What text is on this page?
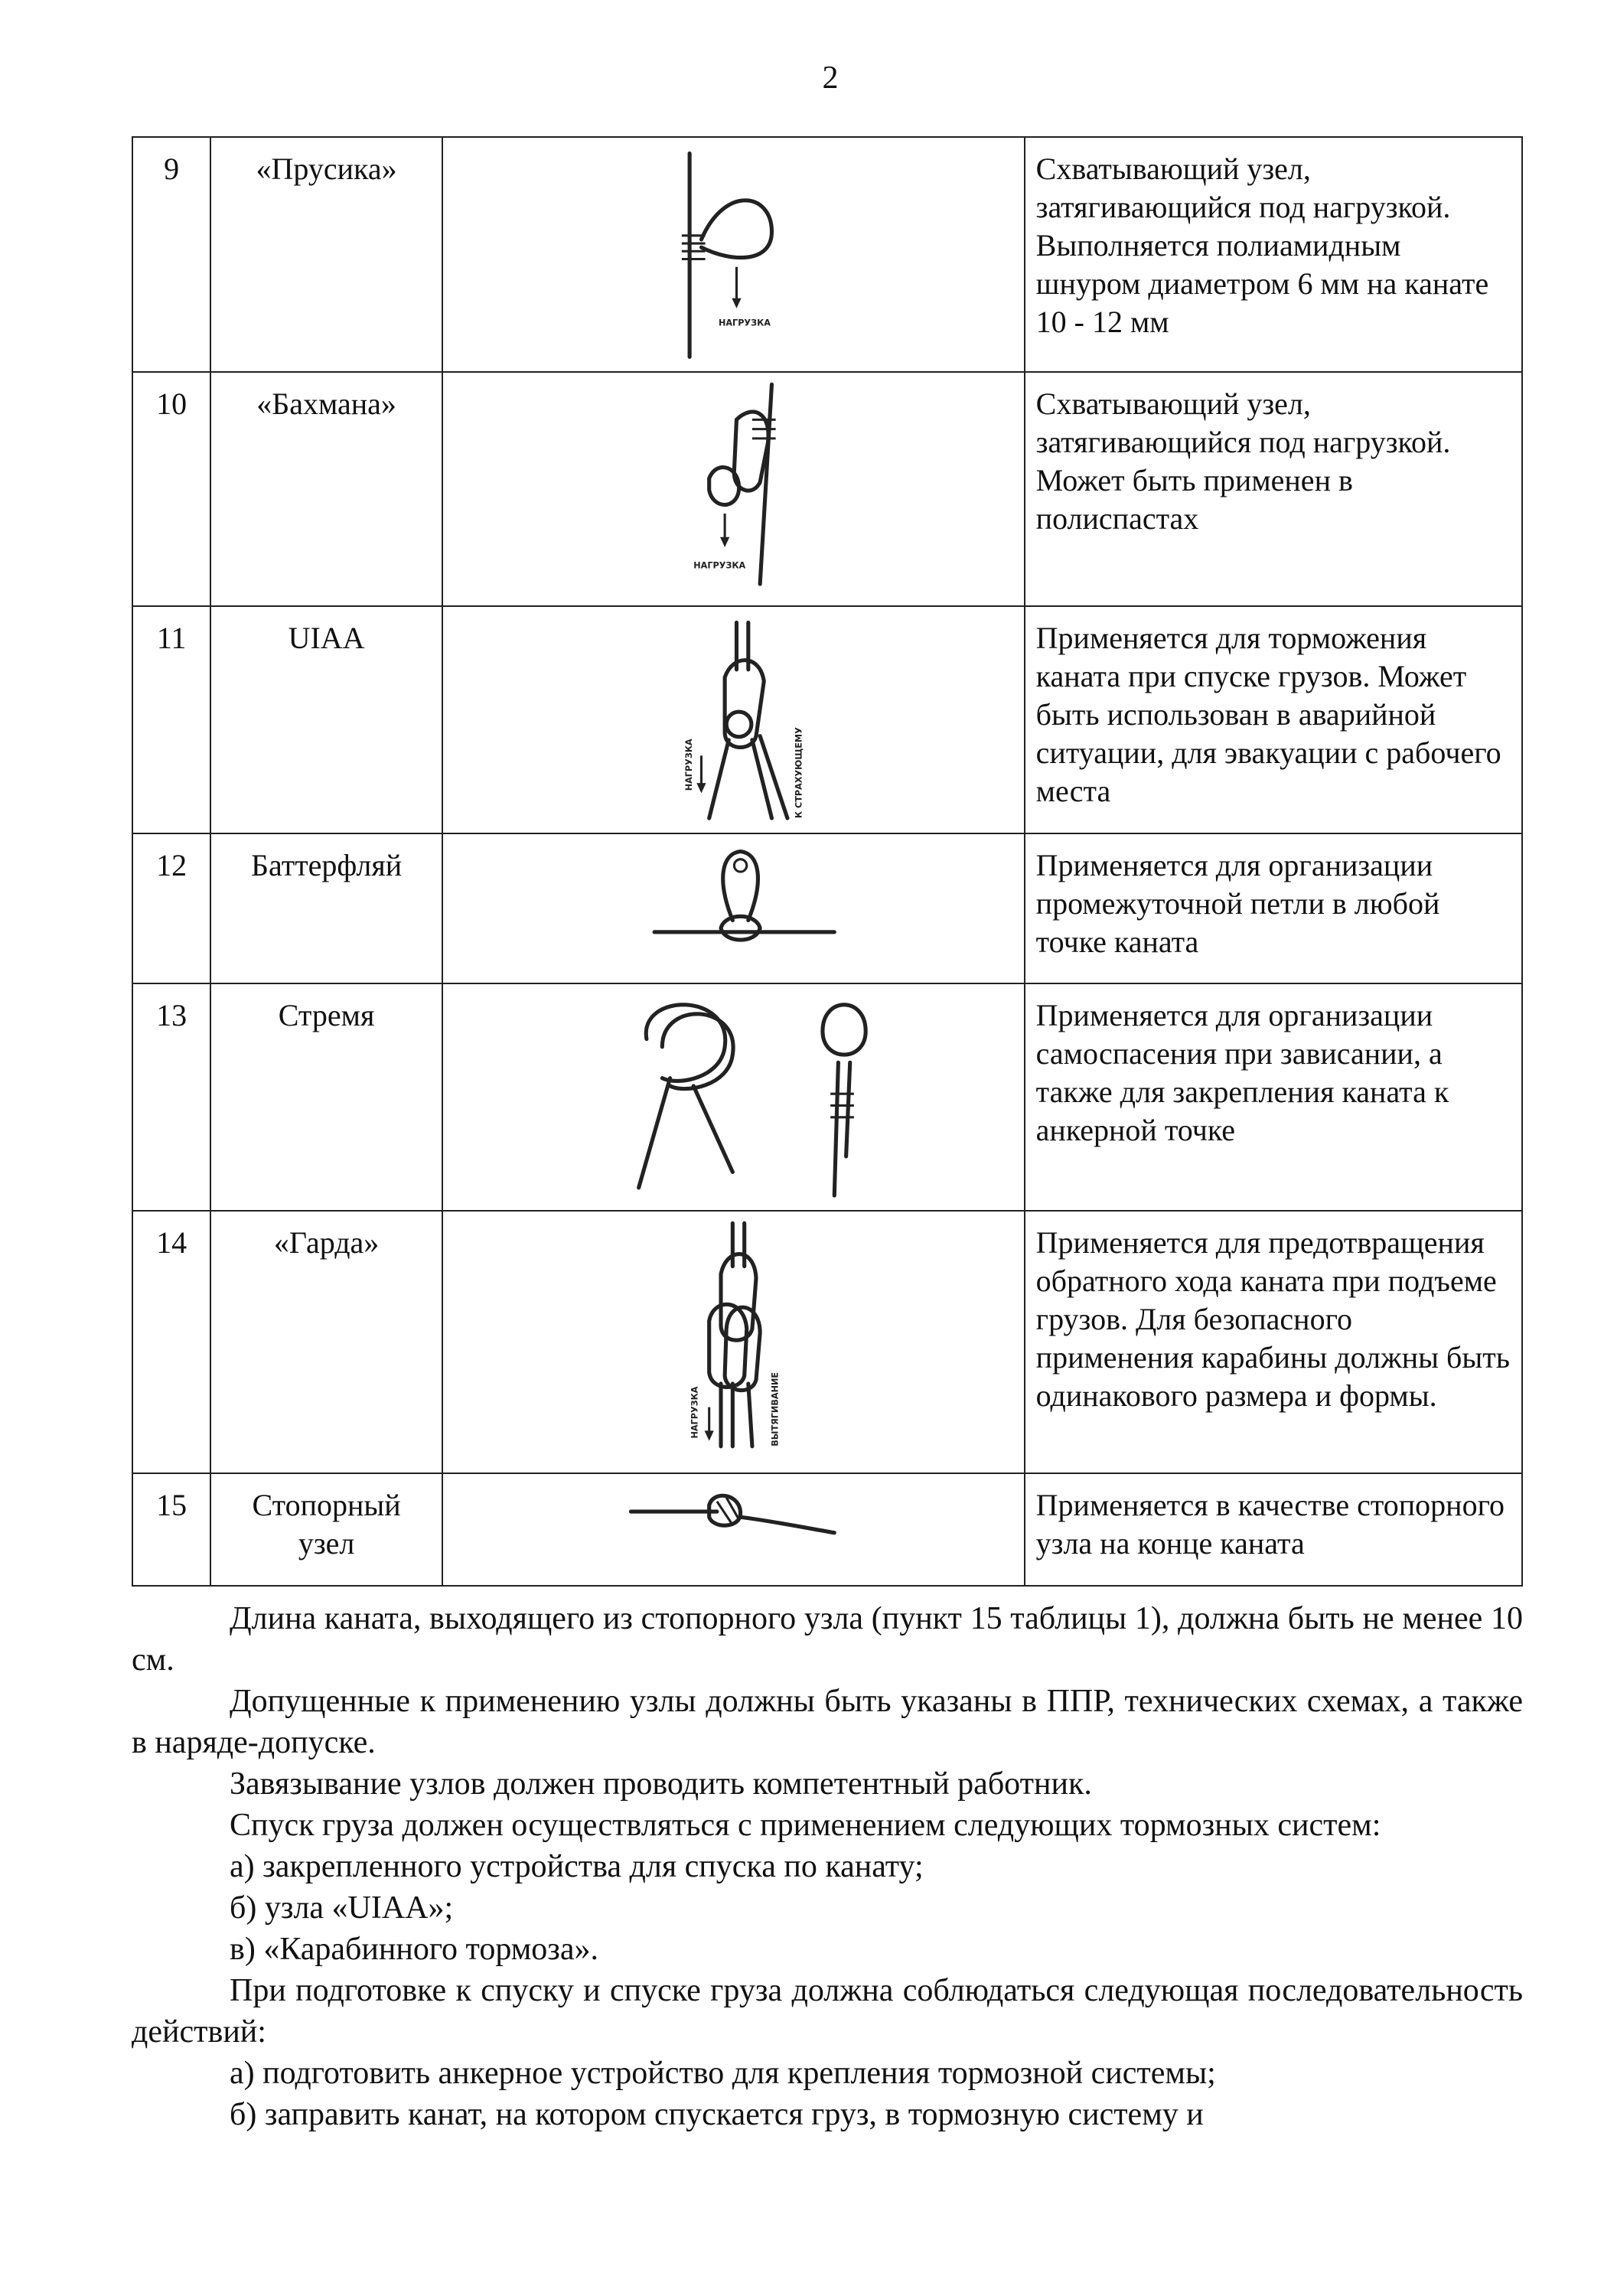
2
9	«Прусика»	НАГРУЗКА	Схватывающий узел, затягивающийся под нагрузкой. Выполняется полиамидным шнуром диаметром 6 мм на канате 10 - 12 мм
10	«Бахмана»	НАГРУЗКА	Схватывающий узел, затягивающийся под нагрузкой. Может быть применен в полиспастах
11	UIAA	НАГРУЗКА К СТРАХУЮЩЕМУ	Применяется для торможения каната при спуске грузов. Может быть использован в аварийной ситуации, для эвакуации с рабочего места
12	Баттерфляй		Применяется для организации промежуточной петли в любой точке каната
13	Стремя		Применяется для организации самоспасения при зависании, а также для закрепления каната к анкерной точке
14	«Гарда»	НАГРУЗКА ВЫТЯГИВАНИЕ	Применяется для предотвращения обратного хода каната при подъеме грузов. Для безопасного применения карабины должны быть одинакового размера и формы.
15	Стопорный узел		Применяется в качестве стопорного узла на конце каната

Длина каната, выходящего из стопорного узла (пункт 15 таблицы 1), должна быть не менее 10 см.

Допущенные к применению узлы должны быть указаны в ППР, технических схемах, а также в наряде-допуске.

Завязывание узлов должен проводить компетентный работник.

Спуск груза должен осуществляться с применением следующих тормозных систем:

а) закрепленного устройства для спуска по канату;

б) узла «UIAA»;

в) «Карабинного тормоза».

При подготовке к спуску и спуске груза должна соблюдаться следующая последовательность действий:

а) подготовить анкерное устройство для крепления тормозной системы;

б) заправить канат, на котором спускается груз, в тормозную систему и
